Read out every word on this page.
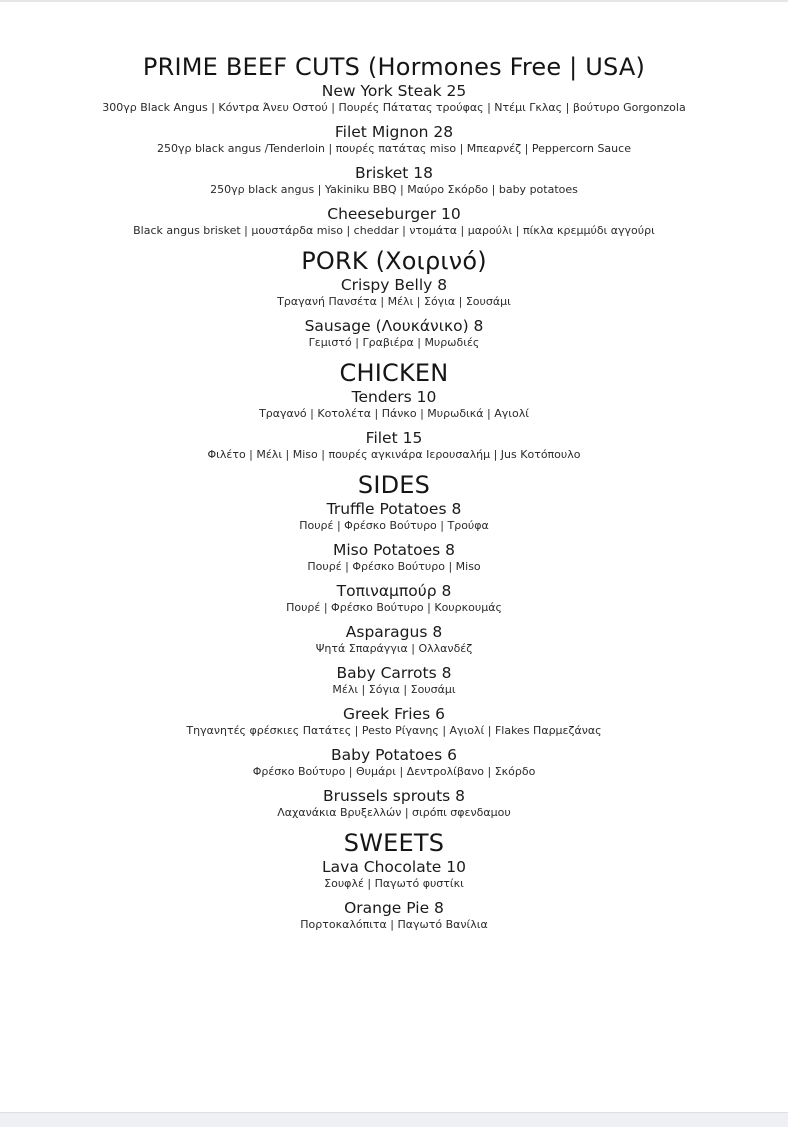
PRIME BEEF CUTS (Hormones Free | USA)
New York Steak 25
300γρ Black Angus | Κόντρα Άνευ Οστού | Πουρές Πάτατας τρούφας | Ντέμι Γκλας | βούτυρο Gorgonzola
Filet Mignon 28
250γρ black angus /Tenderloin | πουρές πατάτας miso | Μπεαρνέζ | Peppercorn Sauce
Brisket 18
250γρ black angus | Yakiniku BBQ | Μαύρο Σκόρδο | baby potatoes
Cheeseburger 10
Black angus brisket | μουστάρδα miso | cheddar | ντομάτα | μαρούλι | πίκλα κρεμμύδι αγγούρι
PORK (Χοιρινό)
Crispy Belly 8
Τραγανή Πανσέτα | Μέλι | Σόγια | Σουσάμι
Sausage (Λουκάνικο) 8
Γεμιστό | Γραβιέρα | Μυρωδιές
CHICKEN
Tenders 10
Τραγανό | Κοτολέτα | Πάνκο | Μυρωδικά | Αγιολί
Filet 15
Φιλέτο | Μέλι | Miso | πουρές αγκινάρα Ιερουσαλήμ | Jus Κοτόπουλο
SIDES
Truffle Potatoes 8
Πουρέ | Φρέσκο Βούτυρο | Τρούφα
Miso Potatoes 8
Πουρέ | Φρέσκο Βούτυρο | Miso
Τοπιναμπούρ 8
Πουρέ | Φρέσκο Βούτυρο | Κουρκουμάς
Asparagus 8
Ψητά Σπαράγγια | Ολλανδέζ
Baby Carrots 8
Μέλι | Σόγια | Σουσάμι
Greek Fries 6
Τηγανητές φρέσκιες Πατάτες | Pesto Ρίγανης | Αγιολί | Flakes Παρμεζάνας
Baby Potatoes 6
Φρέσκο Βούτυρο | Θυμάρι | Δεντρολίβανο | Σκόρδο
Brussels sprouts 8
Λαχανάκια Βρυξελλών | σιρόπι σφενδαμου
SWEETS
Lava Chocolate 10
Σουφλέ | Παγωτό φυστίκι
Orange Pie 8
Πορτοκαλόπιτα | Παγωτό Βανίλια
